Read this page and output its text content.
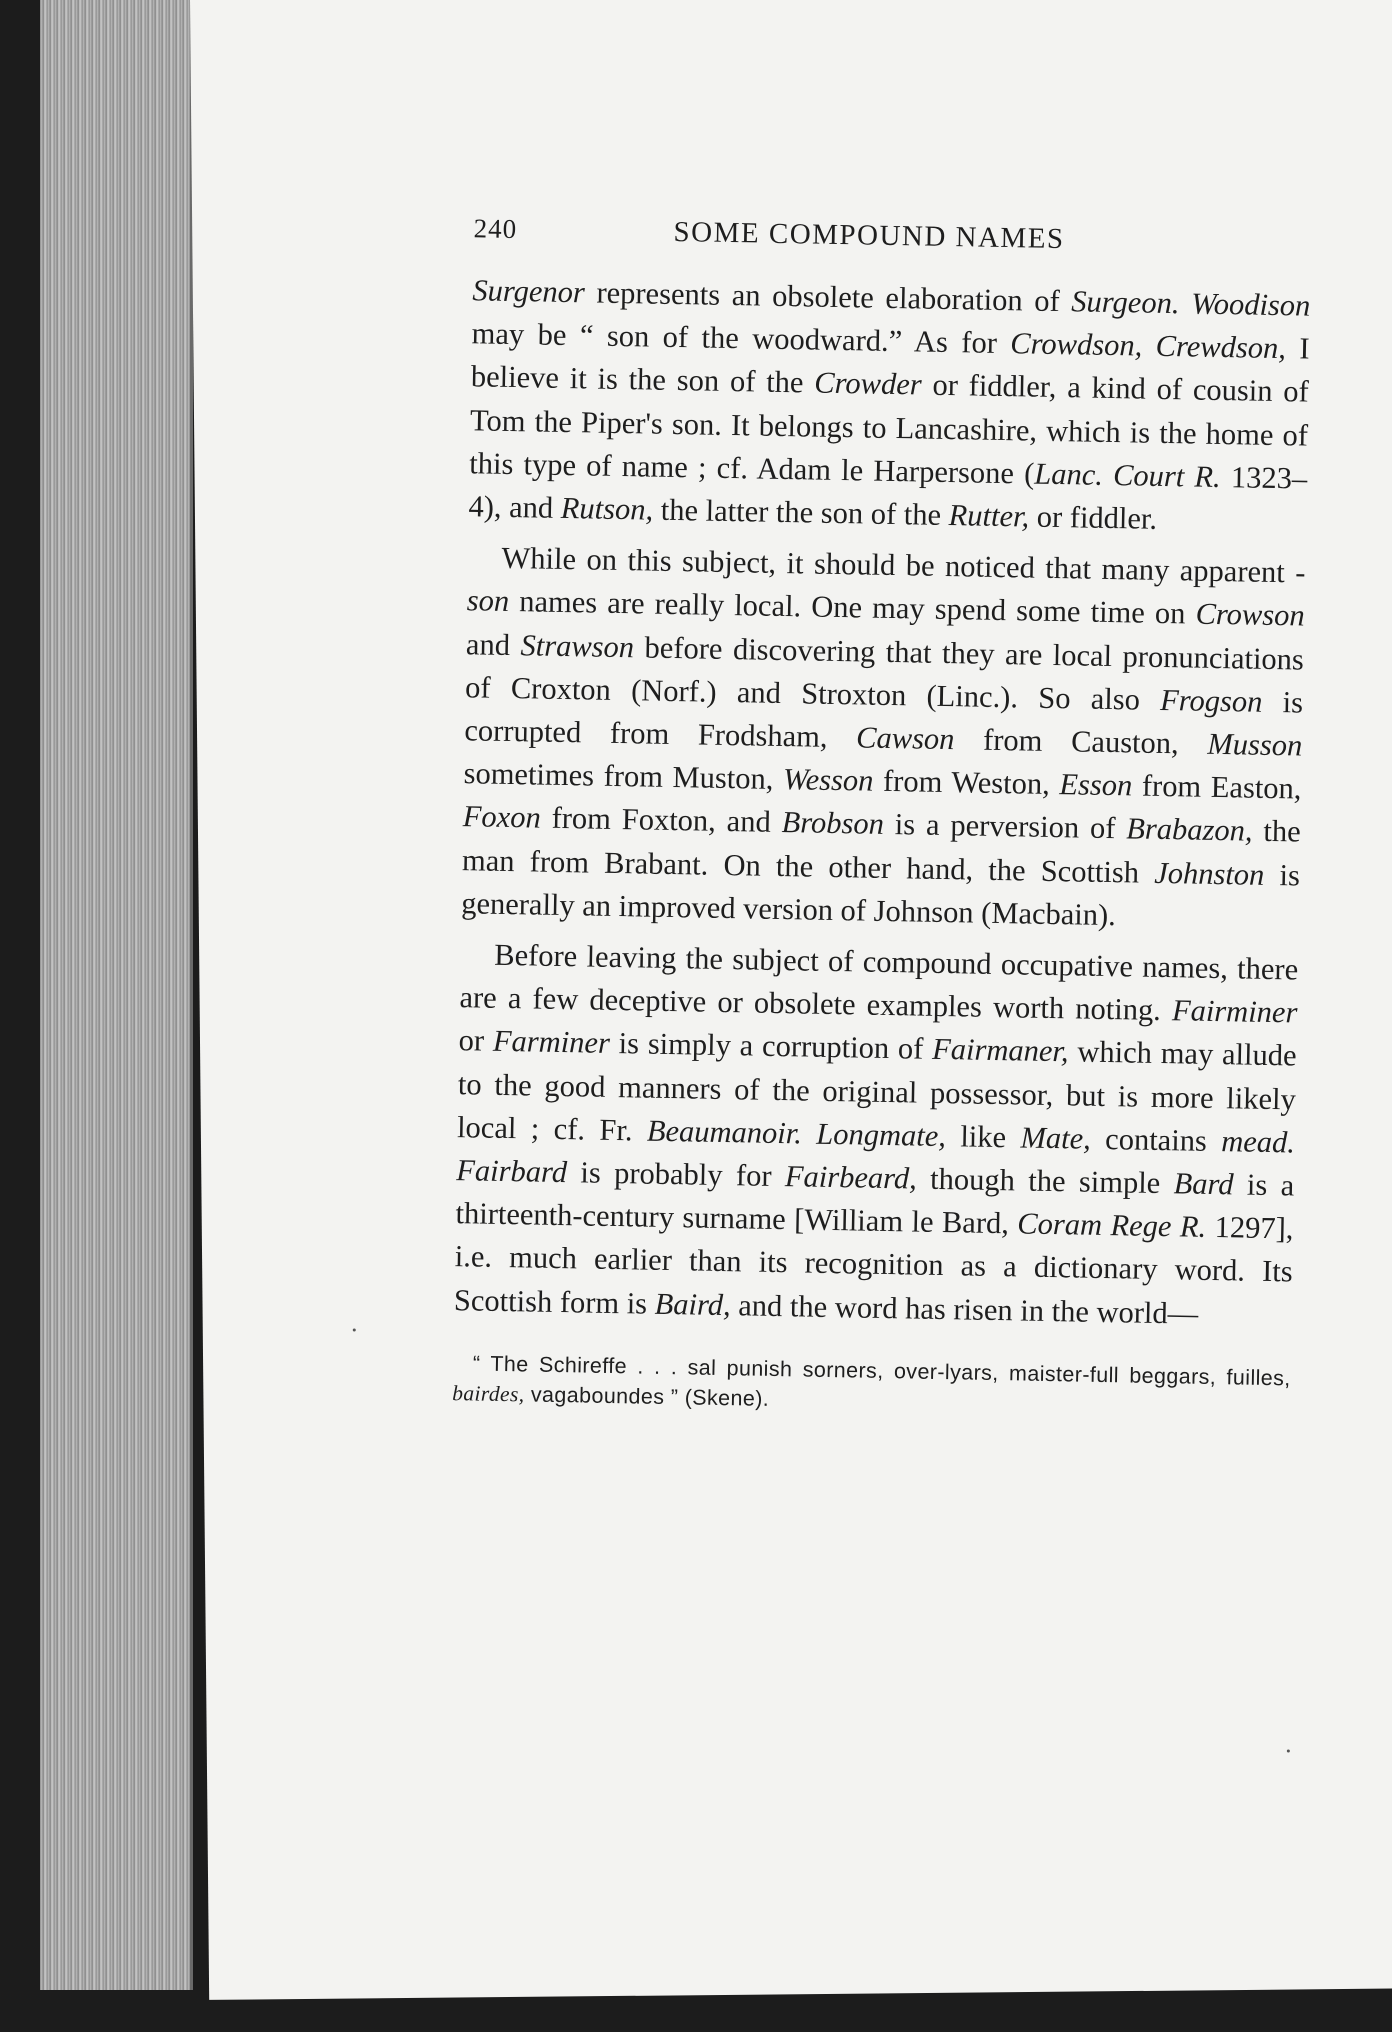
240	SOME COMPOUND NAMES

Surgenor represents an obsolete elaboration of Surgeon. Woodison may be “ son of the woodward.” As for Crowdson, Crewdson, I believe it is the son of the Crowder or fiddler, a kind of cousin of Tom the Piper's son. It belongs to Lancashire, which is the home of this type of name ; cf. Adam le Harpersone (Lanc. Court R. 1323–4), and Rutson, the latter the son of the Rutter, or fiddler.

While on this subject, it should be noticed that many apparent -son names are really local. One may spend some time on Crowson and Strawson before discovering that they are local pronunciations of Croxton (Norf.) and Stroxton (Linc.). So also Frogson is corrupted from Frodsham, Cawson from Causton, Musson sometimes from Muston, Wesson from Weston, Esson from Easton, Foxon from Foxton, and Brobson is a perversion of Brabazon, the man from Brabant. On the other hand, the Scottish Johnston is generally an improved version of Johnson (Macbain).

Before leaving the subject of compound occupative names, there are a few deceptive or obsolete examples worth noting. Fairminer or Farminer is simply a corruption of Fairmaner, which may allude to the good manners of the original possessor, but is more likely local ; cf. Fr. Beaumanoir. Longmate, like Mate, contains mead. Fairbard is probably for Fairbeard, though the simple Bard is a thirteenth-century surname [William le Bard, Coram Rege R. 1297], i.e. much earlier than its recognition as a dictionary word. Its Scottish form is Baird, and the word has risen in the world—

“ The Schireffe . . . sal punish sorners, over-lyars, maister-full beggars, fuilles, bairdes, vagaboundes ” (Skene).
